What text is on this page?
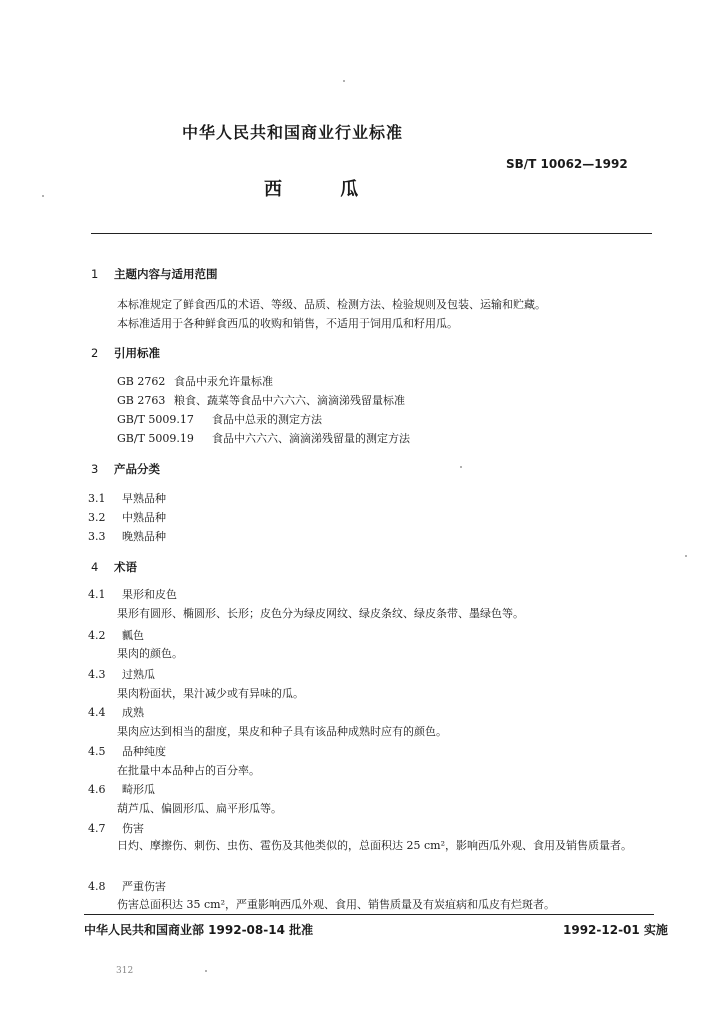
中华人民共和国商业行业标准
SB/T 10062—1992
西 瓜
1 主题内容与适用范围
本标准规定了鲜食西瓜的术语、等级、品质、检测方法、检验规则及包装、运输和贮藏。
本标准适用于各种鲜食西瓜的收购和销售，不适用于饲用瓜和籽用瓜。
2 引用标准
GB 2762 食品中汞允许量标准
GB 2763 粮食、蔬菜等食品中六六六、滴滴涕残留量标准
GB/T 5009.17 食品中总汞的测定方法
GB/T 5009.19 食品中六六六、滴滴涕残留量的测定方法
3 产品分类
3.1 早熟品种
3.2 中熟品种
3.3 晚熟品种
4 术语
4.1 果形和皮色
果形有圆形、椭圆形、长形；皮色分为绿皮网纹、绿皮条纹、绿皮条带、墨绿色等。
4.2 瓤色
果肉的颜色。
4.3 过熟瓜
果肉粉面状，果汁减少或有异味的瓜。
4.4 成熟
果肉应达到相当的甜度，果皮和种子具有该品种成熟时应有的颜色。
4.5 品种纯度
在批量中本品种占的百分率。
4.6 畸形瓜
葫芦瓜、偏圆形瓜、扁平形瓜等。
4.7 伤害
日灼、摩擦伤、刺伤、虫伤、雹伤及其他类似的，总面积达 25 cm²，影响西瓜外观、食用及销售质量者。
4.8 严重伤害
伤害总面积达 35 cm²，严重影响西瓜外观、食用、销售质量及有炭疽病和瓜皮有烂斑者。
中华人民共和国商业部 1992-08-14 批准	1992-12-01 实施
312
